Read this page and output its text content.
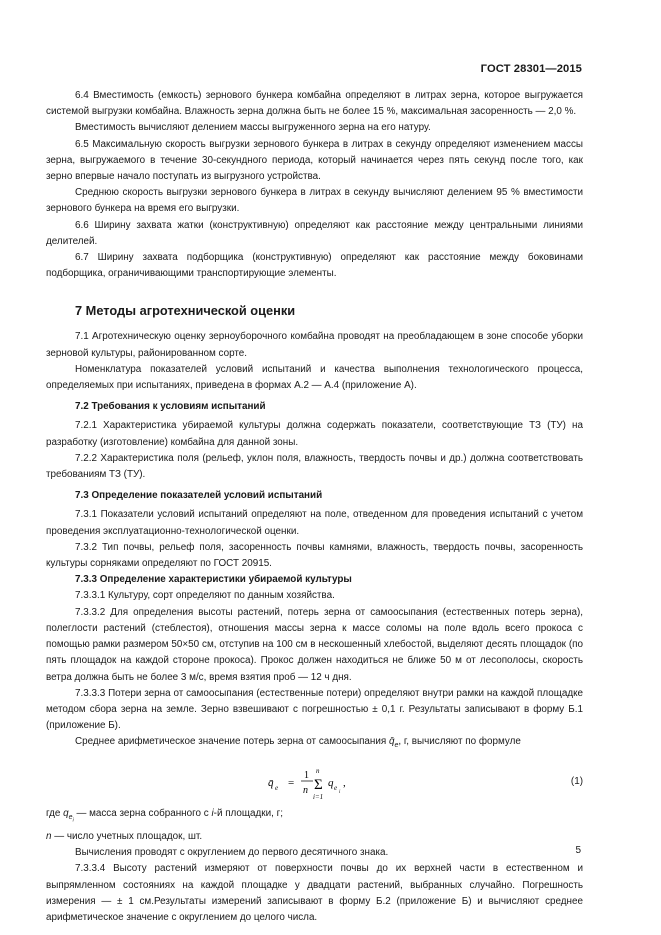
ГОСТ 28301—2015

6.4 Вместимость (емкость) зернового бункера комбайна определяют в литрах зерна, которое выгружается системой выгрузки комбайна. Влажность зерна должна быть не более 15 %, максимальная засоренность — 2,0 %.

Вместимость вычисляют делением массы выгруженного зерна на его натуру.

6.5 Максимальную скорость выгрузки зернового бункера в литрах в секунду определяют изменением массы зерна, выгружаемого в течение 30-секундного периода, который начинается через пять секунд после того, как зерно впервые начало поступать из выгрузного устройства.

Среднюю скорость выгрузки зернового бункера в литрах в секунду вычисляют делением 95 % вместимости зернового бункера на время его выгрузки.

6.6 Ширину захвата жатки (конструктивную) определяют как расстояние между центральными линиями делителей.

6.7 Ширину захвата подборщика (конструктивную) определяют как расстояние между боковинами подборщика, ограничивающими транспортирующие элементы.

7 Методы агротехнической оценки

7.1 Агротехническую оценку зерноуборочного комбайна проводят на преобладающем в зоне способе уборки зерновой культуры, районированном сорте.

Номенклатура показателей условий испытаний и качества выполнения технологического процесса, определяемых при испытаниях, приведена в формах А.2 — А.4 (приложение А).

7.2 Требования к условиям испытаний

7.2.1 Характеристика убираемой культуры должна содержать показатели, соответствующие ТЗ (ТУ) на разработку (изготовление) комбайна для данной зоны.

7.2.2 Характеристика поля (рельеф, уклон поля, влажность, твердость почвы и др.) должна соответствовать требованиям ТЗ (ТУ).

7.3 Определение показателей условий испытаний

7.3.1 Показатели условий испытаний определяют на поле, отведенном для проведения испытаний с учетом проведения эксплуатационно-технологической оценки.

7.3.2 Тип почвы, рельеф поля, засоренность почвы камнями, влажность, твердость почвы, засоренность культуры сорняками определяют по ГОСТ 20915.

7.3.3 Определение характеристики убираемой культуры

7.3.3.1 Культуру, сорт определяют по данным хозяйства.

7.3.3.2 Для определения высоты растений, потерь зерна от самоосыпания (естественных потерь зерна), полеглости растений (стеблестоя), отношения массы зерна к массе соломы на поле вдоль всего прокоса с помощью рамки размером 50×50 см, отступив на 100 см в нескошенный хлебостой, выделяют десять площадок (по пять площадок на каждой стороне прокоса). Прокос должен находиться не ближе 50 м от лесополосы, скорость ветра должна быть не более 3 м/с, время взятия проб — 12 ч дня.

7.3.3.3 Потери зерна от самоосыпания (естественные потери) определяют внутри рамки на каждой площадке методом сбора зерна на земле. Зерно взвешивают с погрешностью ± 0,1 г. Результаты записывают в форму Б.1 (приложение Б).

Среднее арифметическое значение потерь зерна от самоосыпания $q̄_e$, г, вычисляют по формуле

q̄ e =
1
n
n
Σ
i=1
q e
i
,	(1)

где $q_{e_i}$ — масса зерна собранного с i-й площадки, г;

n — число учетных площадок, шт.

Вычисления проводят с округлением до первого десятичного знака.

7.3.3.4 Высоту растений измеряют от поверхности почвы до их верхней части в естественном и выпрямленном состояниях на каждой площадке у двадцати растений, выбранных случайно. Погрешность измерения — ± 1 см.Результаты измерений записывают в форму Б.2 (приложение Б) и вычисляют среднее арифметическое значение с округлением до целого числа.

5
